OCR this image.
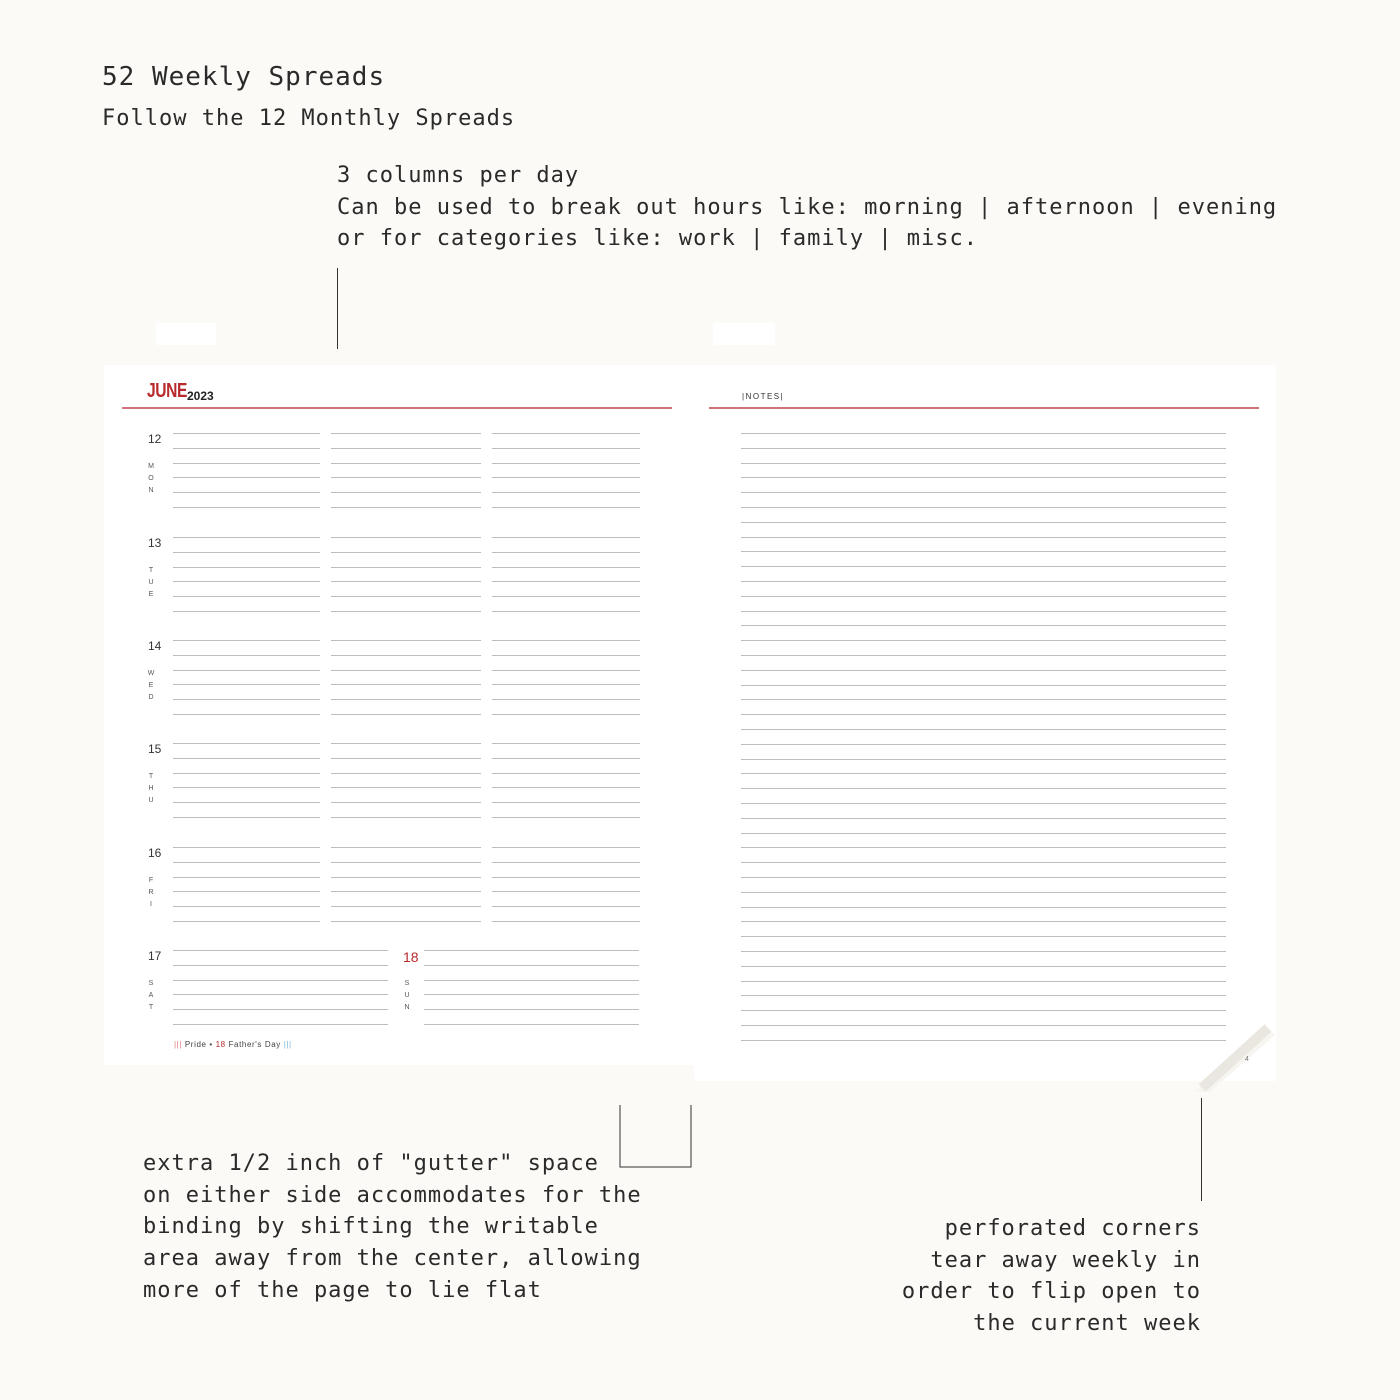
52 Weekly Spreads
Follow the 12 Monthly Spreads
3 columns per day
Can be used to break out hours like: morning | afternoon | evening
or for categories like: work | family | misc.
JUNE 2023	|NOTES|
12
M
O
N
13
T
U
E
14
W
E
D
15
T
H
U
16
F
R
I
17
S
A
T
18
S
U
N
||| Pride • 18 Father's Day |||
4
extra 1/2 inch of "gutter" space
on either side accommodates for the
binding by shifting the writable
area away from the center, allowing
more of the page to lie flat
perforated corners
tear away weekly in
order to flip open to
the current week
